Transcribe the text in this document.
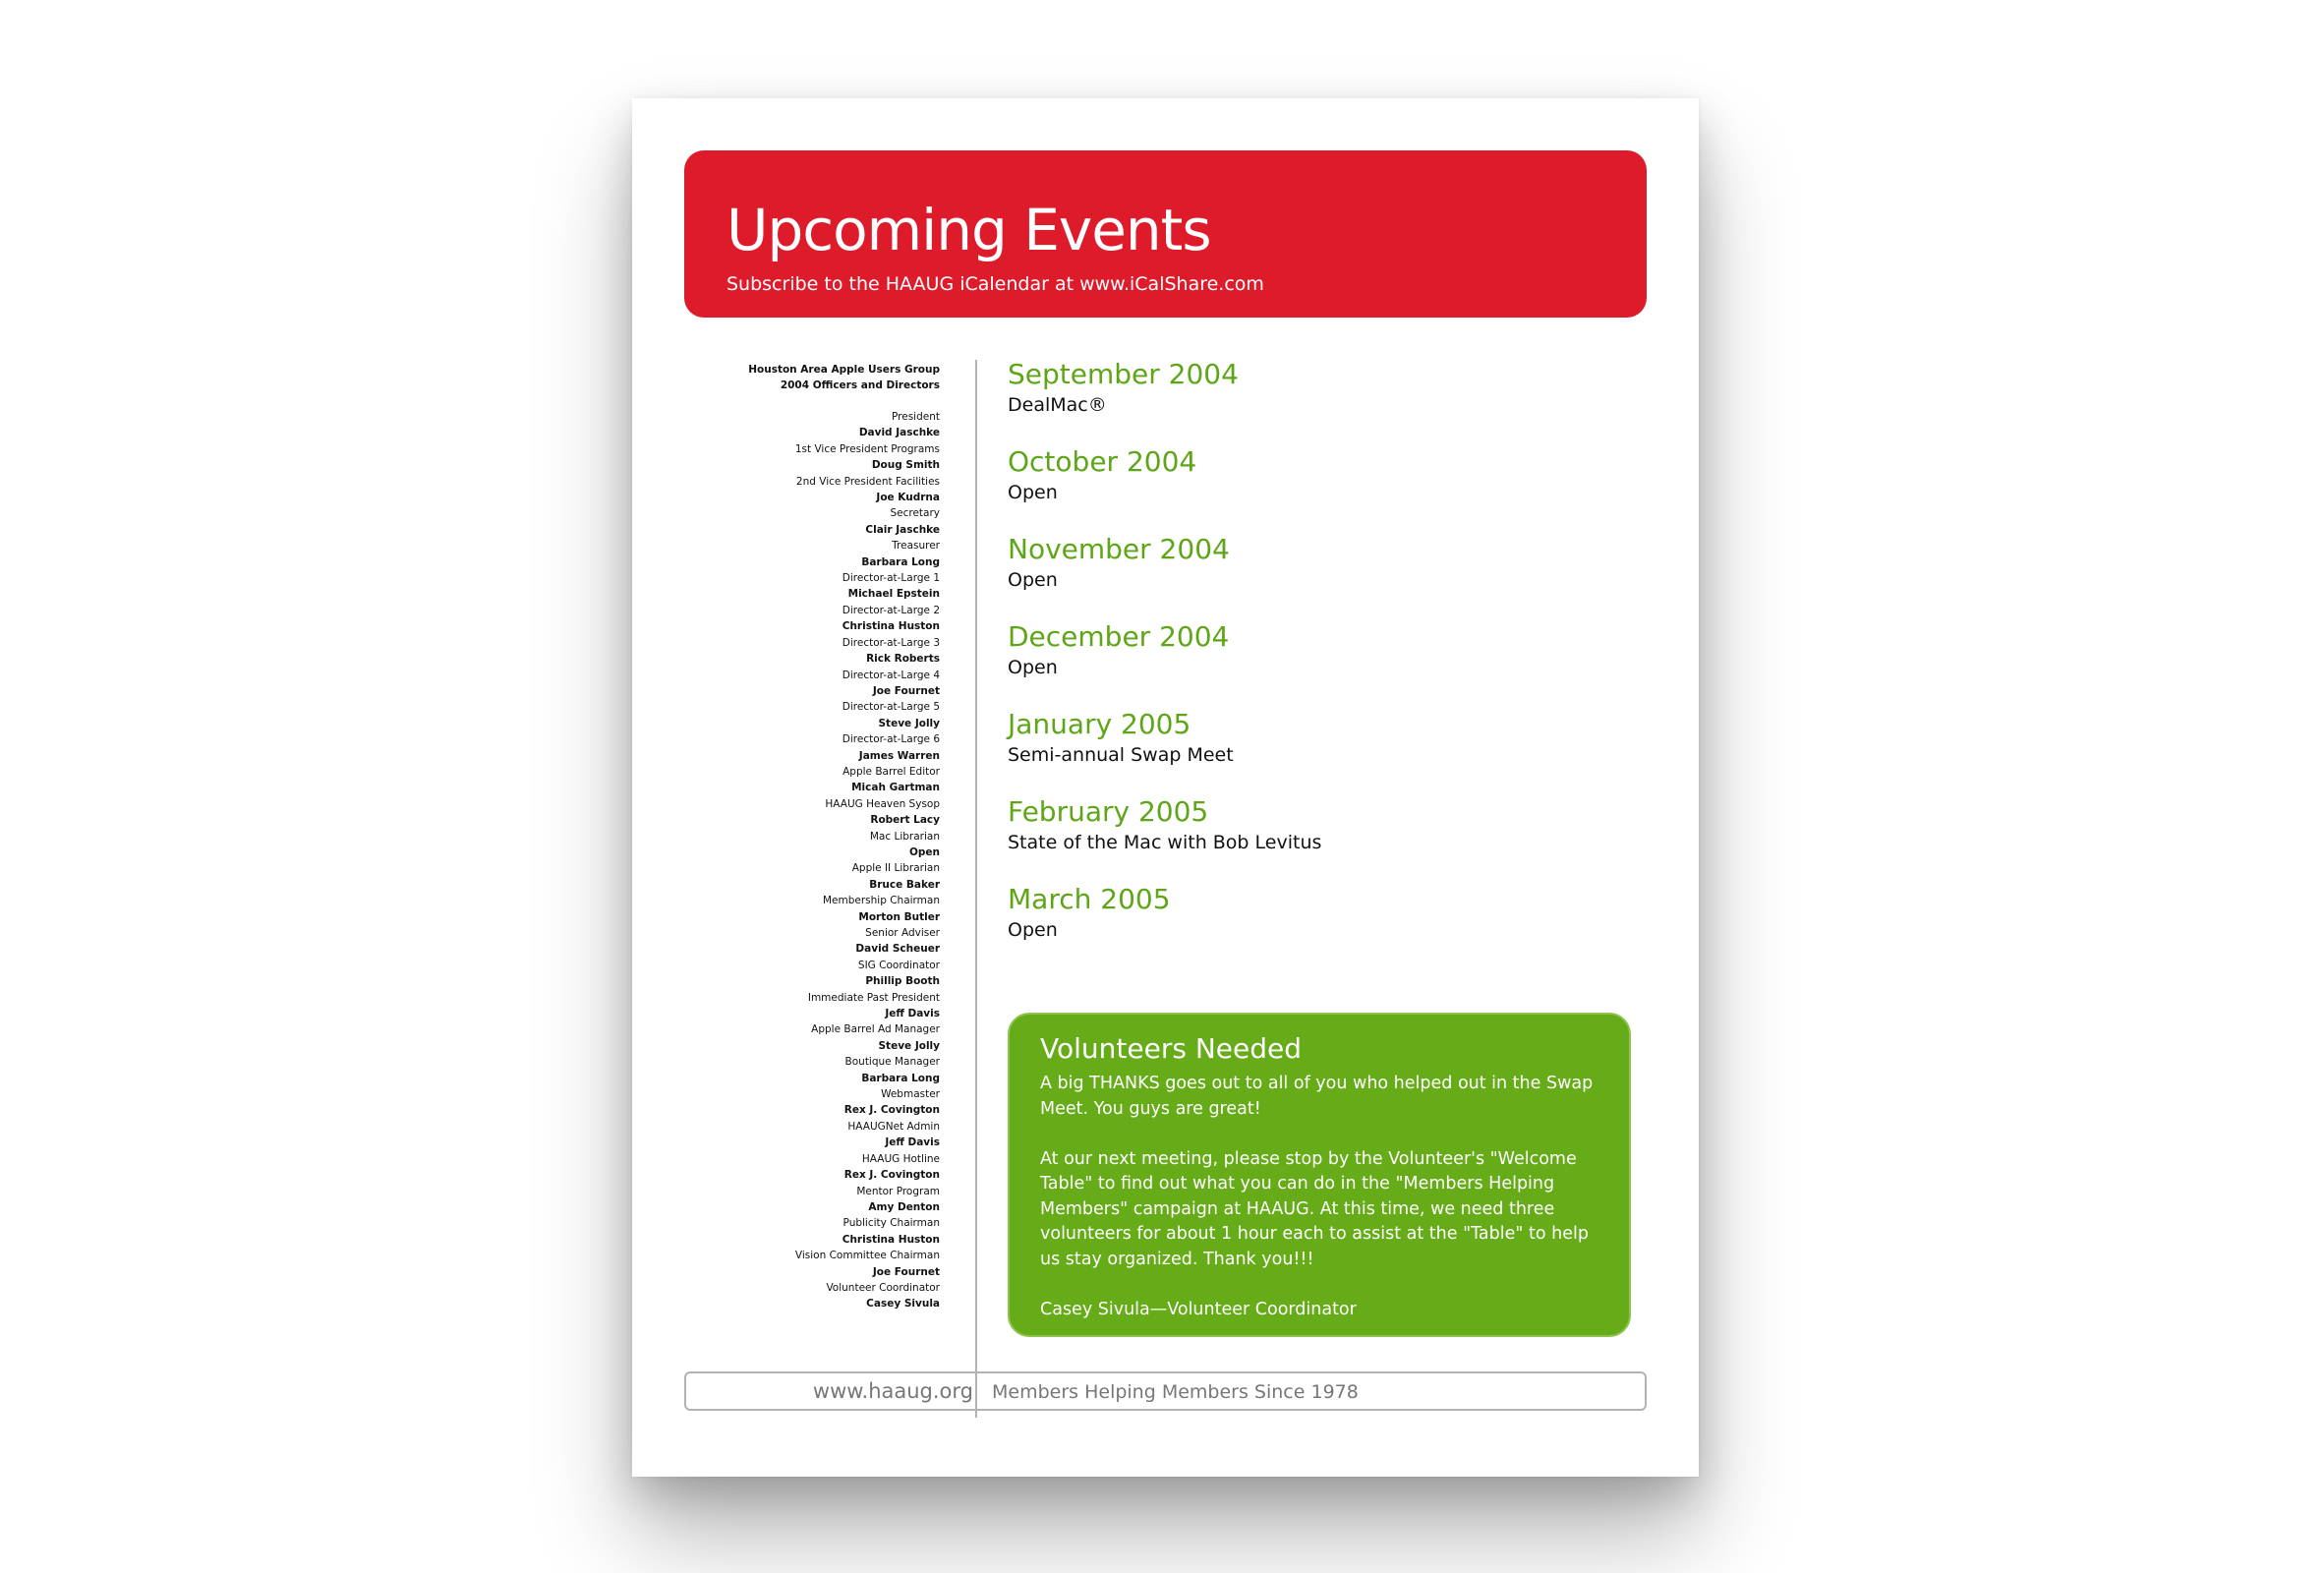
Upcoming Events

Subscribe to the HAAUG iCalendar at www.iCalShare.com

Houston Area Apple Users Group
2004 Officers and Directors
President
David Jaschke
1st Vice President Programs
Doug Smith
2nd Vice President Facilities
Joe Kudrna
Secretary
Clair Jaschke
Treasurer
Barbara Long
Director-at-Large 1
Michael Epstein
Director-at-Large 2
Christina Huston
Director-at-Large 3
Rick Roberts
Director-at-Large 4
Joe Fournet
Director-at-Large 5
Steve Jolly
Director-at-Large 6
James Warren
Apple Barrel Editor
Micah Gartman
HAAUG Heaven Sysop
Robert Lacy
Mac Librarian
Open
Apple II Librarian
Bruce Baker
Membership Chairman
Morton Butler
Senior Adviser
David Scheuer
SIG Coordinator
Phillip Booth
Immediate Past President
Jeff Davis
Apple Barrel Ad Manager
Steve Jolly
Boutique Manager
Barbara Long
Webmaster
Rex J. Covington
HAAUGNet Admin
Jeff Davis
HAAUG Hotline
Rex J. Covington
Mentor Program
Amy Denton
Publicity Chairman
Christina Huston
Vision Committee Chairman
Joe Fournet
Volunteer Coordinator
Casey Sivula
September 2004
DealMac®
October 2004
Open
November 2004
Open
December 2004
Open
January 2005
Semi-annual Swap Meet
February 2005
State of the Mac with Bob Levitus
March 2005
Open
Volunteers Needed

A big THANKS goes out to all of you who helped out in the Swap Meet. You guys are great!

At our next meeting, please stop by the Volunteer's "Welcome Table" to find out what you can do in the "Members Helping Members" campaign at HAAUG. At this time, we need three volunteers for about 1 hour each to assist at the "Table" to help us stay organized. Thank you!!!

Casey Sivula—Volunteer Coordinator

www.haaug.org Members Helping Members Since 1978
